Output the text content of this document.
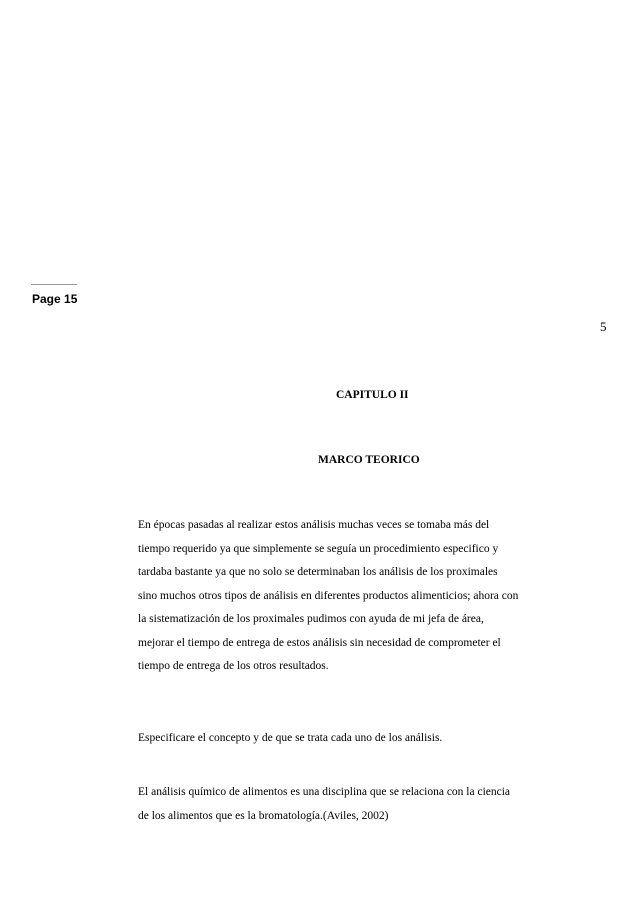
Page 15
5
CAPITULO II
MARCO TEORICO
En épocas pasadas al realizar estos análisis muchas veces se tomaba más del
tiempo requerido ya que simplemente se seguía un procedimiento especifico y
tardaba bastante ya que no solo se determinaban los análisis de los proximales
sino muchos otros tipos de análisis en diferentes productos alimenticios; ahora con
la sistematización de los proximales pudimos con ayuda de mi jefa de área,
mejorar el tiempo de entrega de estos análisis sin necesidad de comprometer el
tiempo de entrega de los otros resultados.
Especificare el concepto y de que se trata cada uno de los análisis.
El análisis químico de alimentos es una disciplina que se relaciona con la ciencia
de los alimentos que es la bromatología.(Aviles, 2002)
